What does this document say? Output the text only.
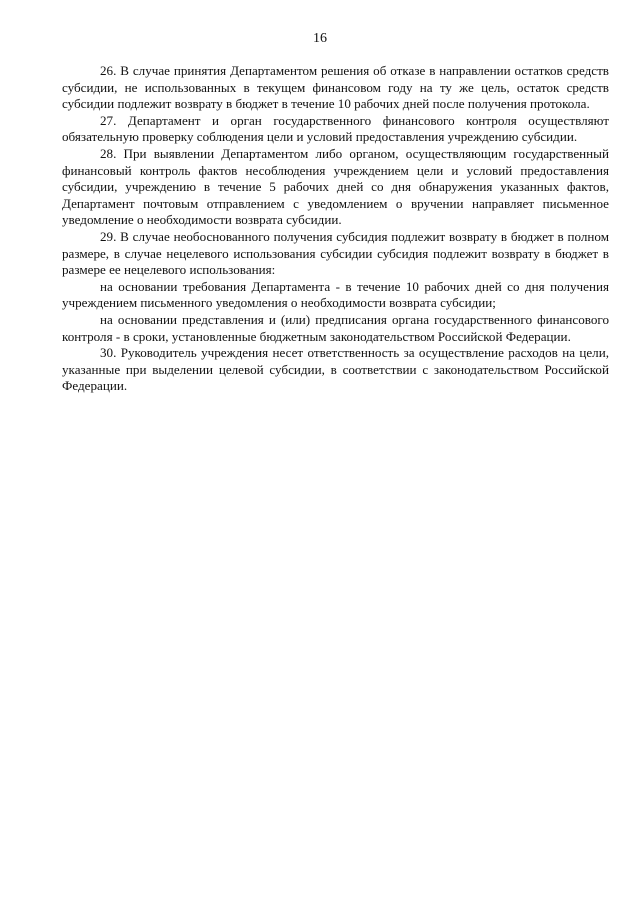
16

26. В случае принятия Департаментом решения об отказе в направлении остатков средств субсидии, не использованных в текущем финансовом году на ту же цель, остаток средств субсидии подлежит возврату в бюджет в течение 10 рабочих дней после получения протокола.

27. Департамент и орган государственного финансового контроля осуществляют обязательную проверку соблюдения цели и условий предоставления учреждению субсидии.

28. При выявлении Департаментом либо органом, осуществляющим государственный финансовый контроль фактов несоблюдения учреждением цели и условий предоставления субсидии, учреждению в течение 5 рабочих дней со дня обнаружения указанных фактов, Департамент почтовым отправлением с уведомлением о вручении направляет письменное уведомление о необходимости возврата субсидии.

29. В случае необоснованного получения субсидия подлежит возврату в бюджет в полном размере, в случае нецелевого использования субсидии субсидия подлежит возврату в бюджет в размере ее нецелевого использования:

на основании требования Департамента - в течение 10 рабочих дней со дня получения учреждением письменного уведомления о необходимости возврата субсидии;

на основании представления и (или) предписания органа государственного финансового контроля - в сроки, установленные бюджетным законодательством Российской Федерации.

30. Руководитель учреждения несет ответственность за осуществление расходов на цели, указанные при выделении целевой субсидии, в соответствии с законодательством Российской Федерации.
